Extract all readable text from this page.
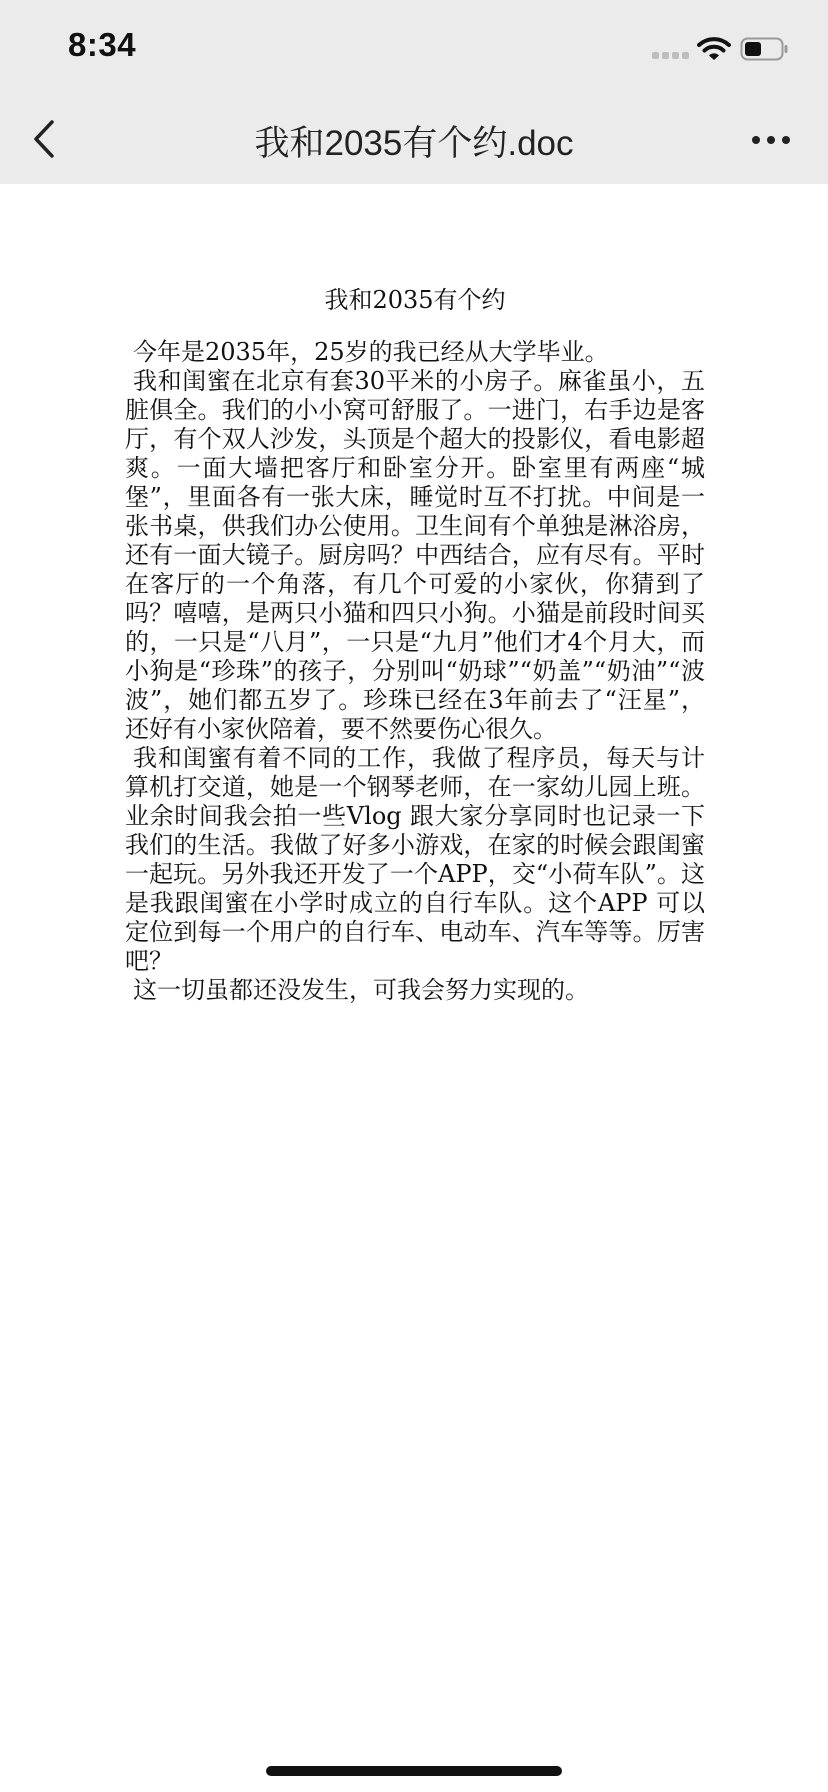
8:34
我和2035有个约.doc
我和2035有个约

今年是2035年，25岁的我已经从大学毕业。

我和闺蜜在北京有套30平米的小房子。麻雀虽小，五脏俱全。我们的小小窝可舒服了。一进门，右手边是客厅，有个双人沙发，头顶是个超大的投影仪，看电影超爽。一面大墙把客厅和卧室分开。卧室里有两座“城堡”，里面各有一张大床，睡觉时互不打扰。中间是一张书桌，供我们办公使用。卫生间有个单独是淋浴房，还有一面大镜子。厨房吗？中西结合，应有尽有。平时在客厅的一个角落，有几个可爱的小家伙，你猜到了吗？嘻嘻，是两只小猫和四只小狗。小猫是前段时间买的，一只是“八月”，一只是“九月”他们才4个月大，而小狗是“珍珠”的孩子，分别叫“奶球”“奶盖”“奶油”“波波”，她们都五岁了。珍珠已经在3年前去了“汪星”，还好有小家伙陪着，要不然要伤心很久。

我和闺蜜有着不同的工作，我做了程序员，每天与计算机打交道，她是一个钢琴老师，在一家幼儿园上班。业余时间我会拍一些Vlog 跟大家分享同时也记录一下我们的生活。我做了好多小游戏，在家的时候会跟闺蜜一起玩。另外我还开发了一个APP，交“小荷车队”。这是我跟闺蜜在小学时成立的自行车队。这个APP 可以定位到每一个用户的自行车、电动车、汽车等等。厉害吧？

这一切虽都还没发生，可我会努力实现的。
